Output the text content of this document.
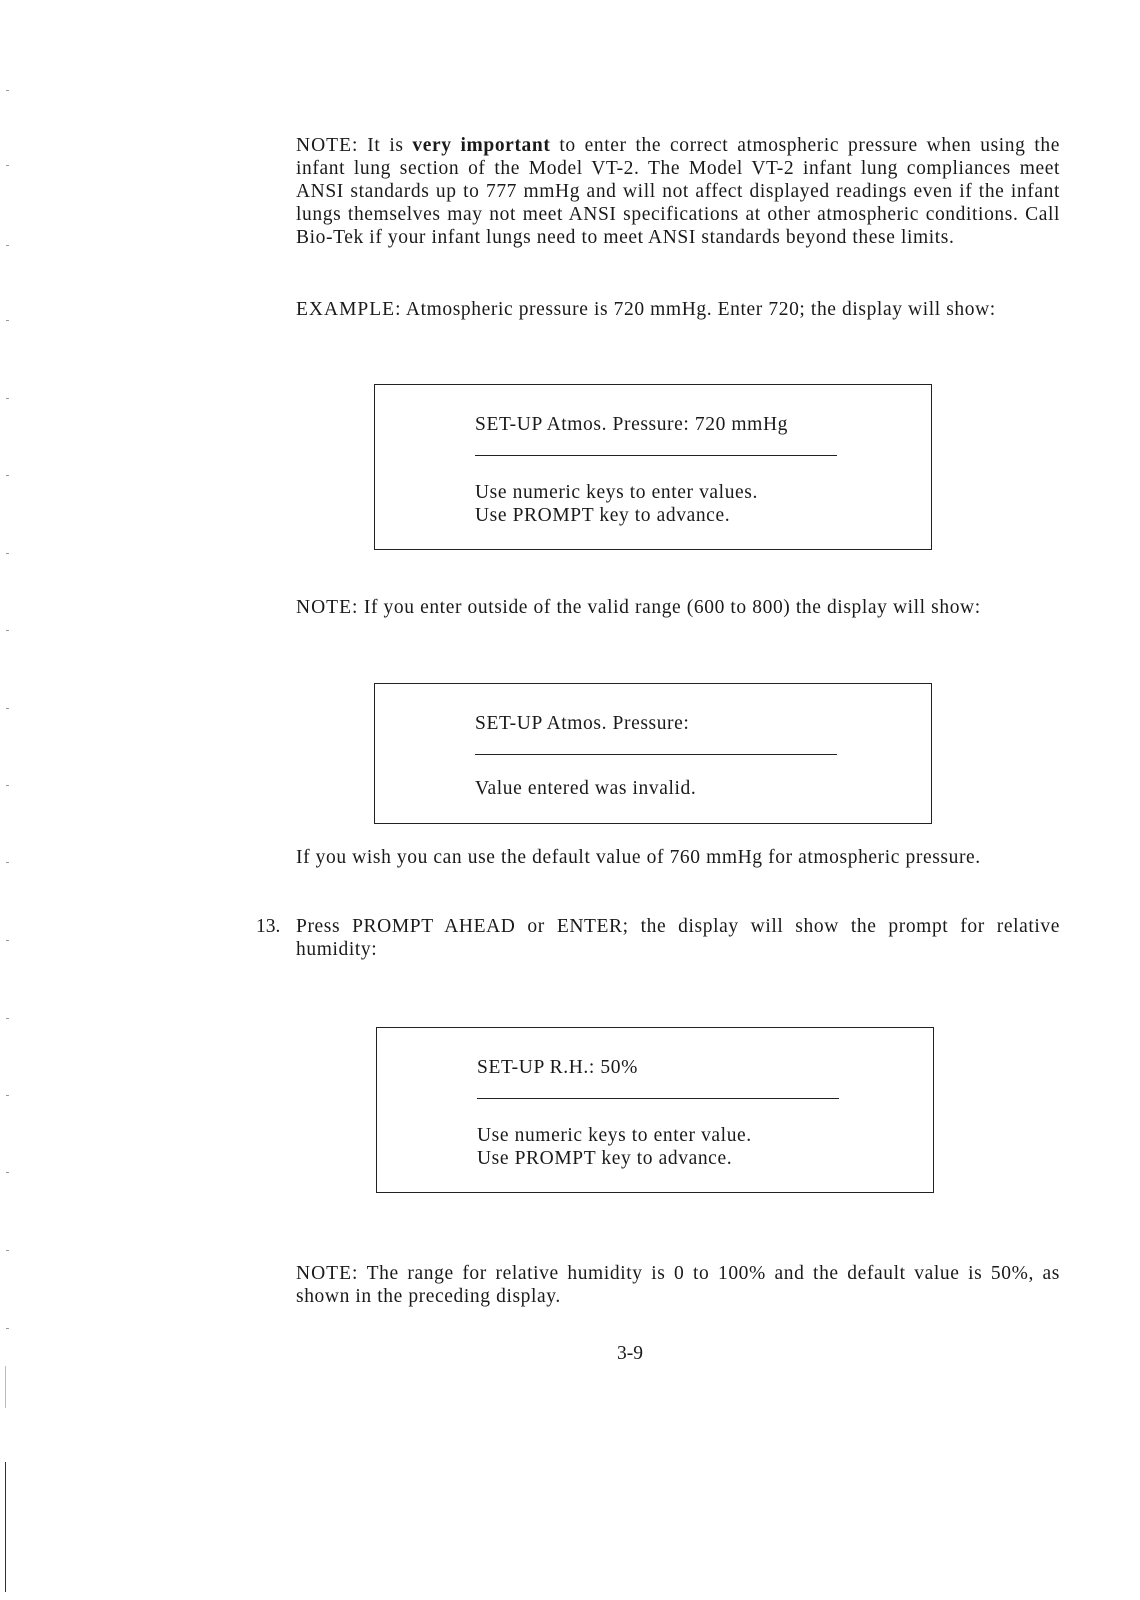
NOTE: It is very important to enter the correct atmospheric pressure when using the infant lung section of the Model VT-2. The Model VT-2 infant lung compliances meet ANSI standards up to 777 mmHg and will not affect displayed readings even if the infant lungs themselves may not meet ANSI specifications at other atmospheric conditions. Call Bio-Tek if your infant lungs need to meet ANSI standards beyond these limits.

EXAMPLE: Atmospheric pressure is 720 mmHg. Enter 720; the display will show:

SET-UP Atmos. Pressure: 720 mmHg
Use numeric keys to enter values.
Use PROMPT key to advance.

NOTE: If you enter outside of the valid range (600 to 800) the display will show:

SET-UP Atmos. Pressure:
Value entered was invalid.

If you wish you can use the default value of 760 mmHg for atmospheric pressure.

13. Press PROMPT AHEAD or ENTER; the display will show the prompt for relative humidity:

SET-UP R.H.: 50%
Use numeric keys to enter value.
Use PROMPT key to advance.

NOTE: The range for relative humidity is 0 to 100% and the default value is 50%, as shown in the preceding display.

3-9
